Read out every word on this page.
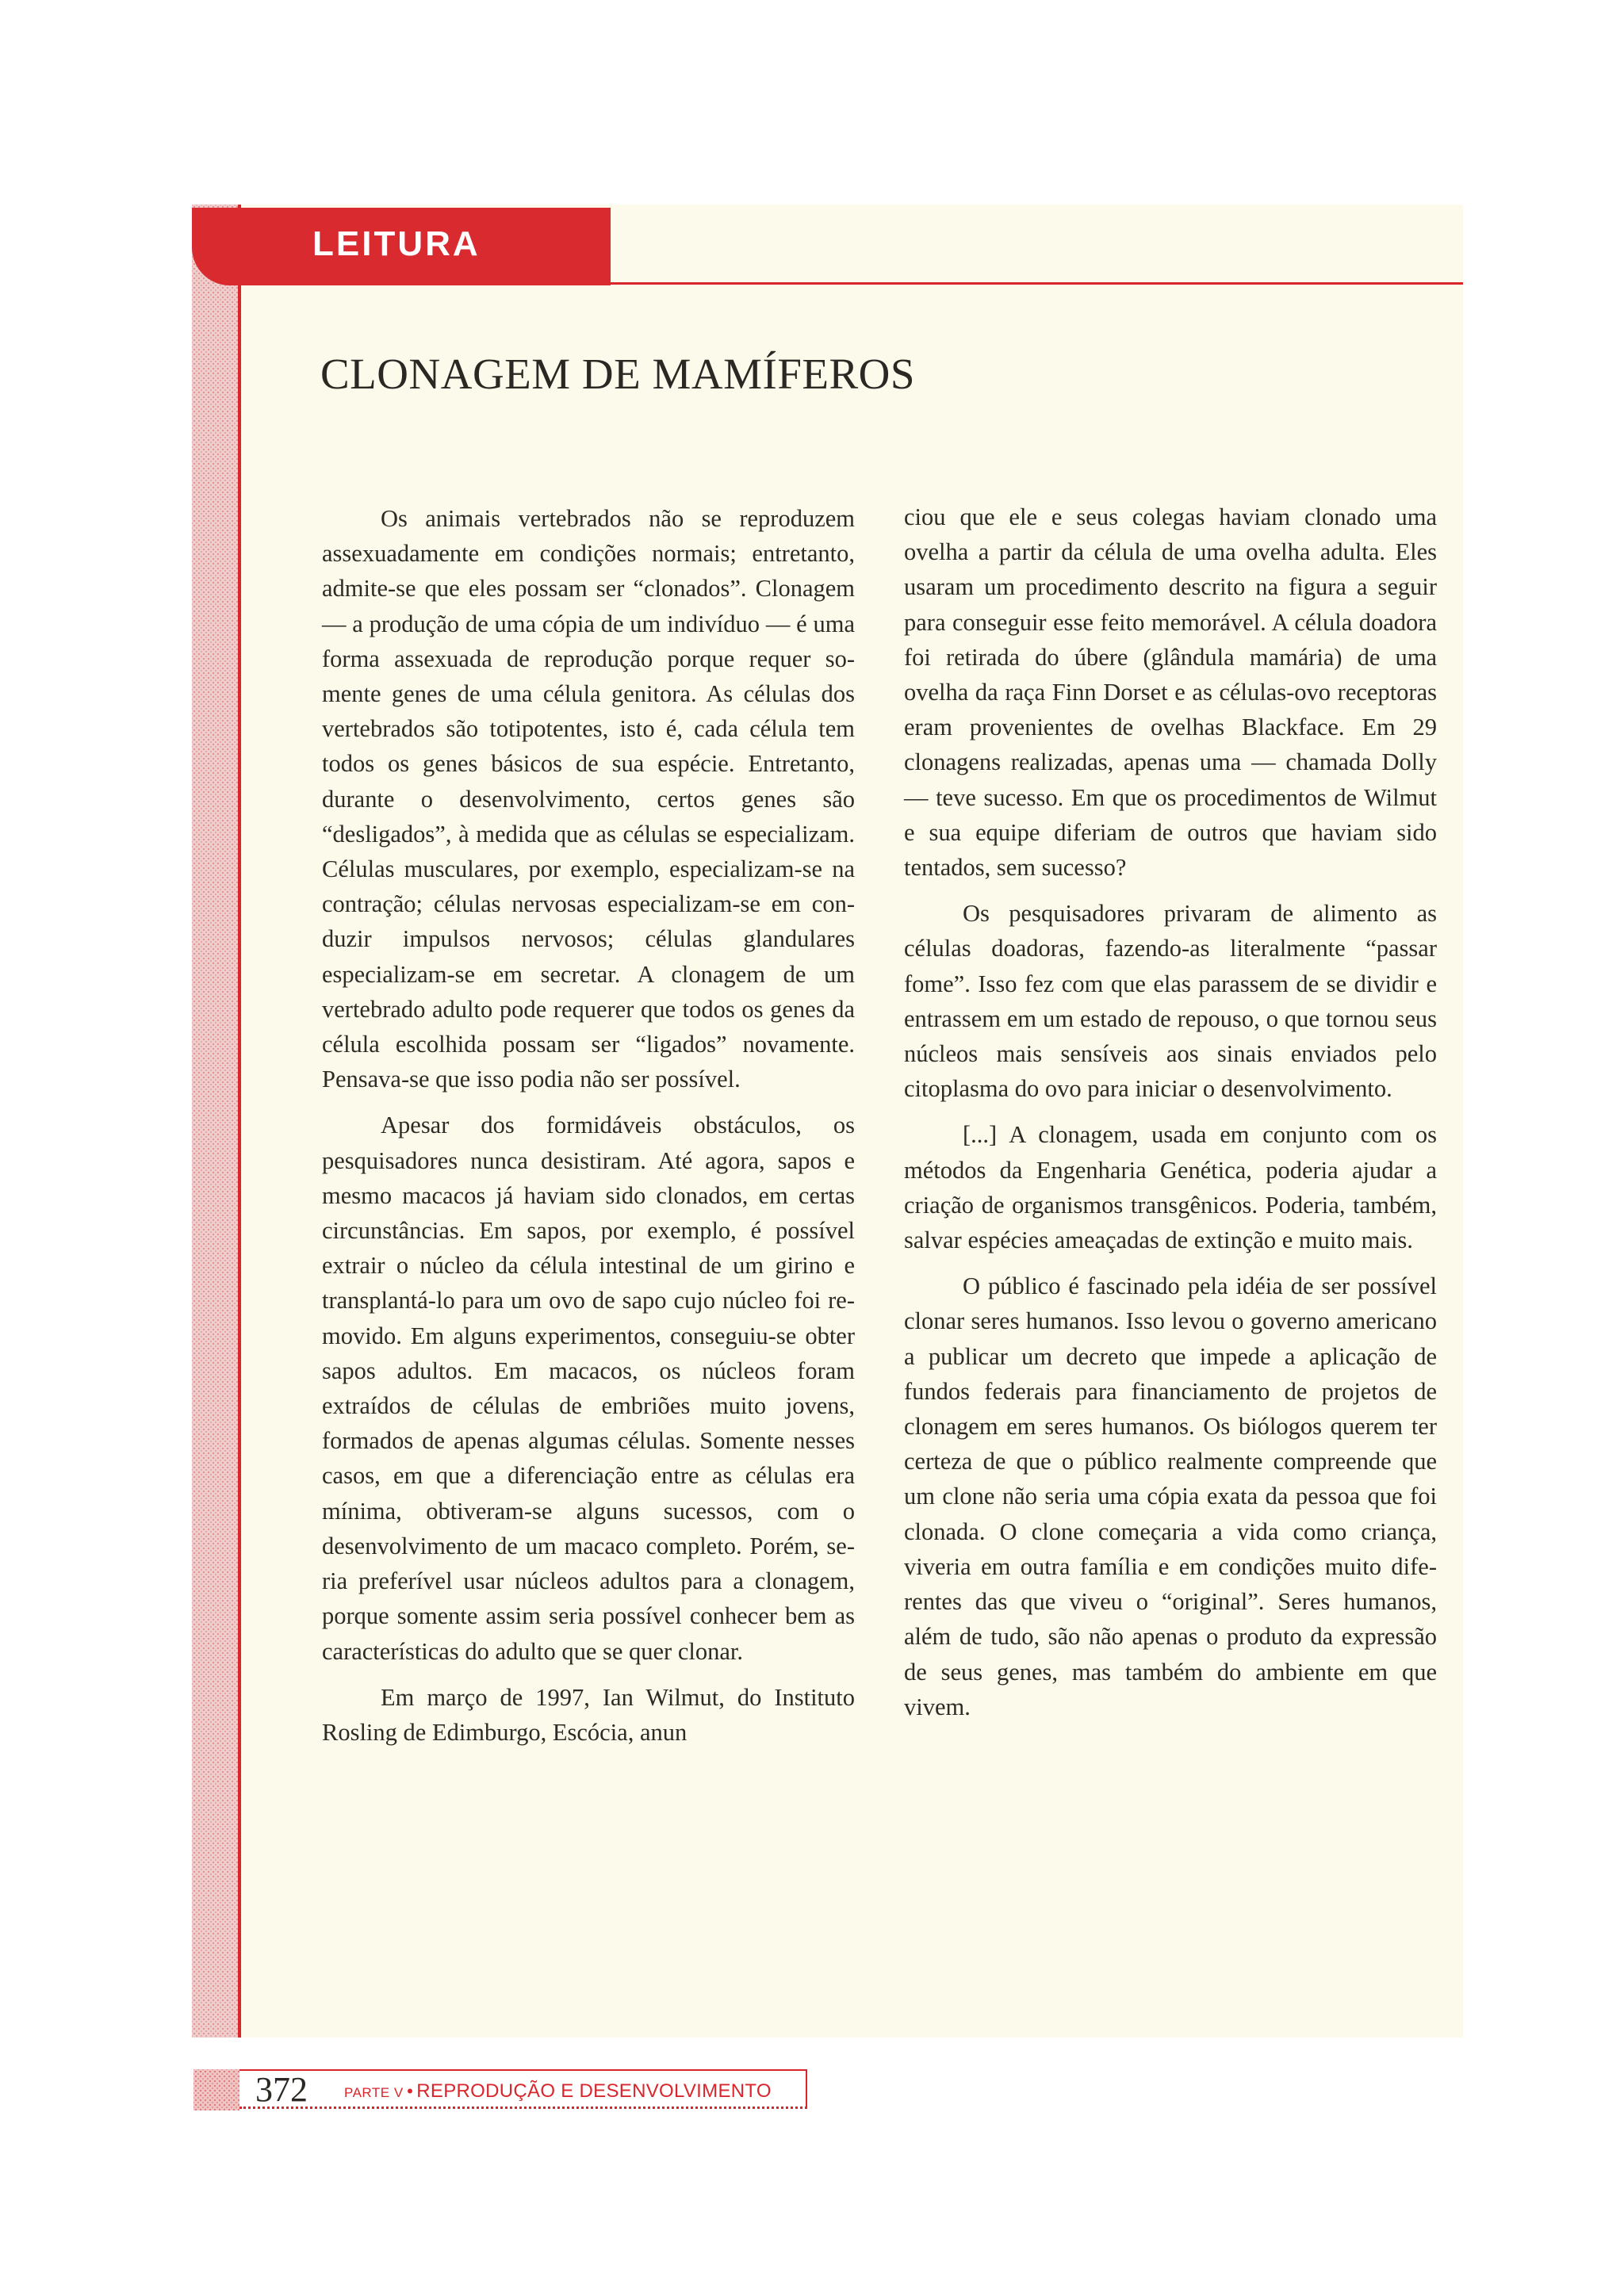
LEITURA
CLONAGEM DE MAMÍFEROS

Os animais vertebrados não se reproduzem assexuadamente em condições normais; entretanto, admite-se que eles possam ser “clonados”. Clonagem — a produção de uma cópia de um indivíduo — é uma forma assexuada de reprodução porque requer somente genes de uma célula genitora. As células dos vertebrados são totipotentes, isto é, cada célula tem todos os genes básicos de sua espécie. Entretanto, durante o desenvolvimento, certos genes são “desligados”, à medida que as células se especializam. Células musculares, por exemplo, especializam-se na contração; células nervosas especializam-se em conduzir impulsos nervosos; células glandulares especializam-se em secretar. A clonagem de um vertebrado adulto pode requerer que todos os genes da célula escolhida possam ser “ligados” novamente. Pensava-se que isso podia não ser possível.

Apesar dos formidáveis obstáculos, os pesquisadores nunca desistiram. Até agora, sapos e mesmo macacos já haviam sido clonados, em certas circunstâncias. Em sapos, por exemplo, é possível extrair o núcleo da célula intestinal de um girino e transplantá-lo para um ovo de sapo cujo núcleo foi removido. Em alguns experimentos, conseguiu-se obter sapos adultos. Em macacos, os núcleos foram extraídos de células de embriões muito jovens, formados de apenas algumas células. Somente nesses casos, em que a diferenciação entre as células era mínima, obtiveram-se alguns sucessos, com o desenvolvimento de um macaco completo. Porém, seria preferível usar núcleos adultos para a clonagem, porque somente assim seria possível conhecer bem as características do adulto que se quer clonar.

Em março de 1997, Ian Wilmut, do Instituto Rosling de Edimburgo, Escócia, anun

ciou que ele e seus colegas haviam clonado uma ovelha a partir da célula de uma ovelha adulta. Eles usaram um procedimento descrito na figura a seguir para conseguir esse feito memorável. A célula doadora foi retirada do úbere (glândula mamária) de uma ovelha da raça Finn Dorset e as células-ovo receptoras eram provenientes de ovelhas Blackface. Em 29 clonagens realizadas, apenas uma — chamada Dolly — teve sucesso. Em que os procedimentos de Wilmut e sua equipe diferiam de outros que haviam sido tentados, sem sucesso?

Os pesquisadores privaram de alimento as células doadoras, fazendo-as literalmente “passar fome”. Isso fez com que elas parassem de se dividir e entrassem em um estado de repouso, o que tornou seus núcleos mais sensíveis aos sinais enviados pelo citoplasma do ovo para iniciar o desenvolvimento.

[...] A clonagem, usada em conjunto com os métodos da Engenharia Genética, poderia ajudar a criação de organismos transgênicos. Poderia, também, salvar espécies ameaçadas de extinção e muito mais.

O público é fascinado pela idéia de ser possível clonar seres humanos. Isso levou o governo americano a publicar um decreto que impede a aplicação de fundos federais para financiamento de projetos de clonagem em seres humanos. Os biólogos querem ter certeza de que o público realmente compreende que um clone não seria uma cópia exata da pessoa que foi clonada. O clone começaria a vida como criança, viveria em outra família e em condições muito diferentes das que viveu o “original”. Seres humanos, além de tudo, são não apenas o produto da expressão de seus genes, mas também do ambiente em que vivem.

372	PARTE V • REPRODUÇÃO E DESENVOLVIMENTO
